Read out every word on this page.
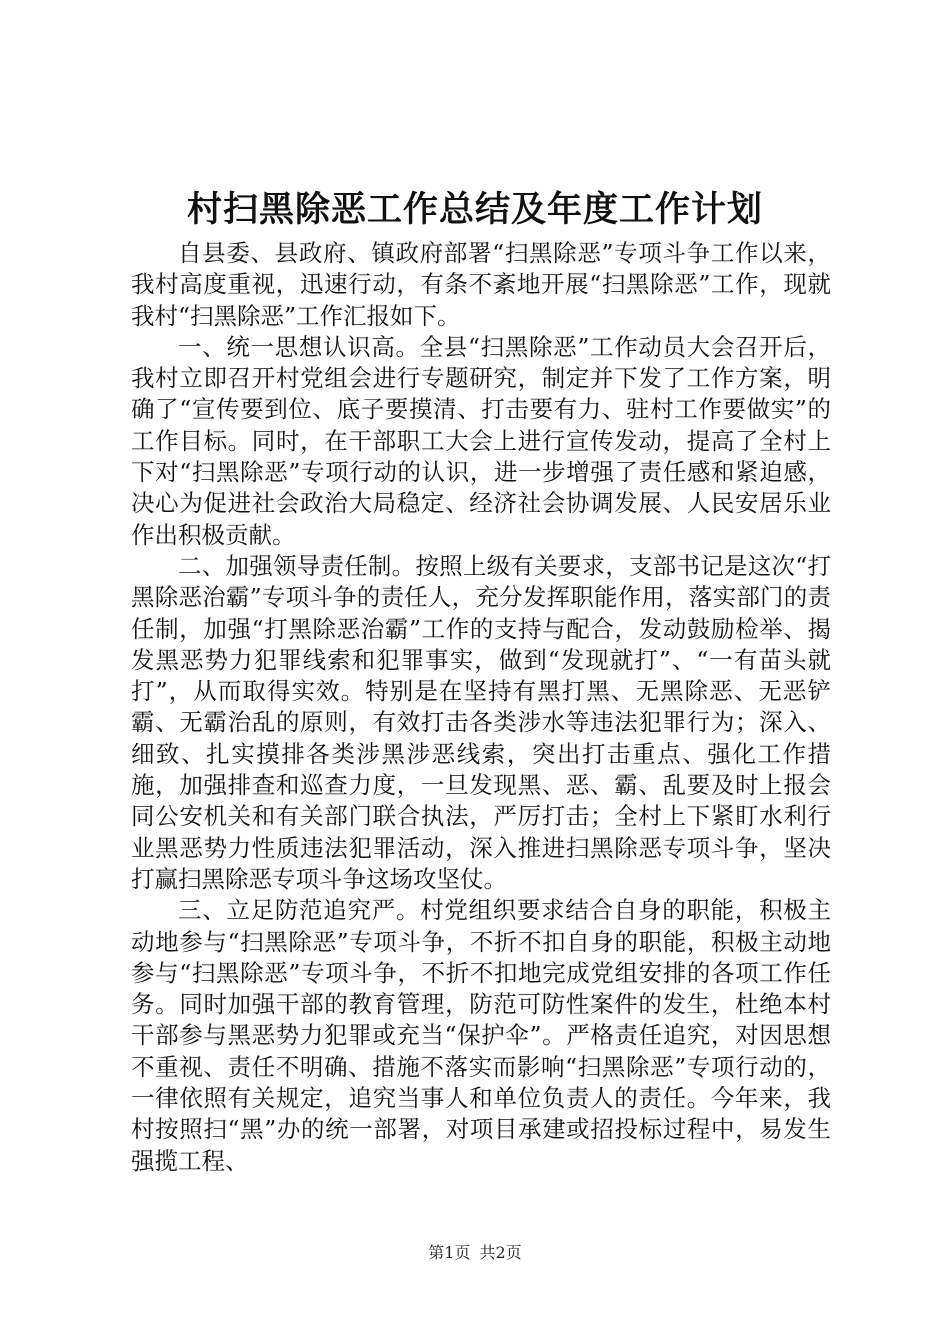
村扫黑除恶工作总结及年度工作计划

自县委、县政府、镇政府部署“扫黑除恶”专项斗争工作以来，我村高度重视，迅速行动，有条不紊地开展“扫黑除恶”工作，现就我村“扫黑除恶”工作汇报如下。

一、统一思想认识高。全县“扫黑除恶”工作动员大会召开后，我村立即召开村党组会进行专题研究，制定并下发了工作方案，明确了“宣传要到位、底子要摸清、打击要有力、驻村工作要做实”的工作目标。同时，在干部职工大会上进行宣传发动，提高了全村上下对“扫黑除恶”专项行动的认识，进一步增强了责任感和紧迫感，决心为促进社会政治大局稳定、经济社会协调发展、人民安居乐业作出积极贡献。

二、加强领导责任制。按照上级有关要求，支部书记是这次“打黑除恶治霸”专项斗争的责任人，充分发挥职能作用，落实部门的责任制，加强“打黑除恶治霸”工作的支持与配合，发动鼓励检举、揭发黑恶势力犯罪线索和犯罪事实，做到“发现就打”、“一有苗头就打”，从而取得实效。特别是在坚持有黑打黑、无黑除恶、无恶铲霸、无霸治乱的原则，有效打击各类涉水等违法犯罪行为；深入、细致、扎实摸排各类涉黑涉恶线索，突出打击重点、强化工作措施，加强排查和巡查力度，一旦发现黑、恶、霸、乱要及时上报会同公安机关和有关部门联合执法，严厉打击；全村上下紧盯水利行业黑恶势力性质违法犯罪活动，深入推进扫黑除恶专项斗争，坚决打赢扫黑除恶专项斗争这场攻坚仗。

三、立足防范追究严。村党组织要求结合自身的职能，积极主动地参与“扫黑除恶”专项斗争，不折不扣自身的职能，积极主动地参与“扫黑除恶”专项斗争，不折不扣地完成党组安排的各项工作任务。同时加强干部的教育管理，防范可防性案件的发生，杜绝本村干部参与黑恶势力犯罪或充当“保护伞”。严格责任追究，对因思想不重视、责任不明确、措施不落实而影响“扫黑除恶”专项行动的，一律依照有关规定，追究当事人和单位负责人的责任。今年来，我村按照扫“黑”办的统一部署，对项目承建或招投标过程中，易发生强揽工程、

第1页 共2页
